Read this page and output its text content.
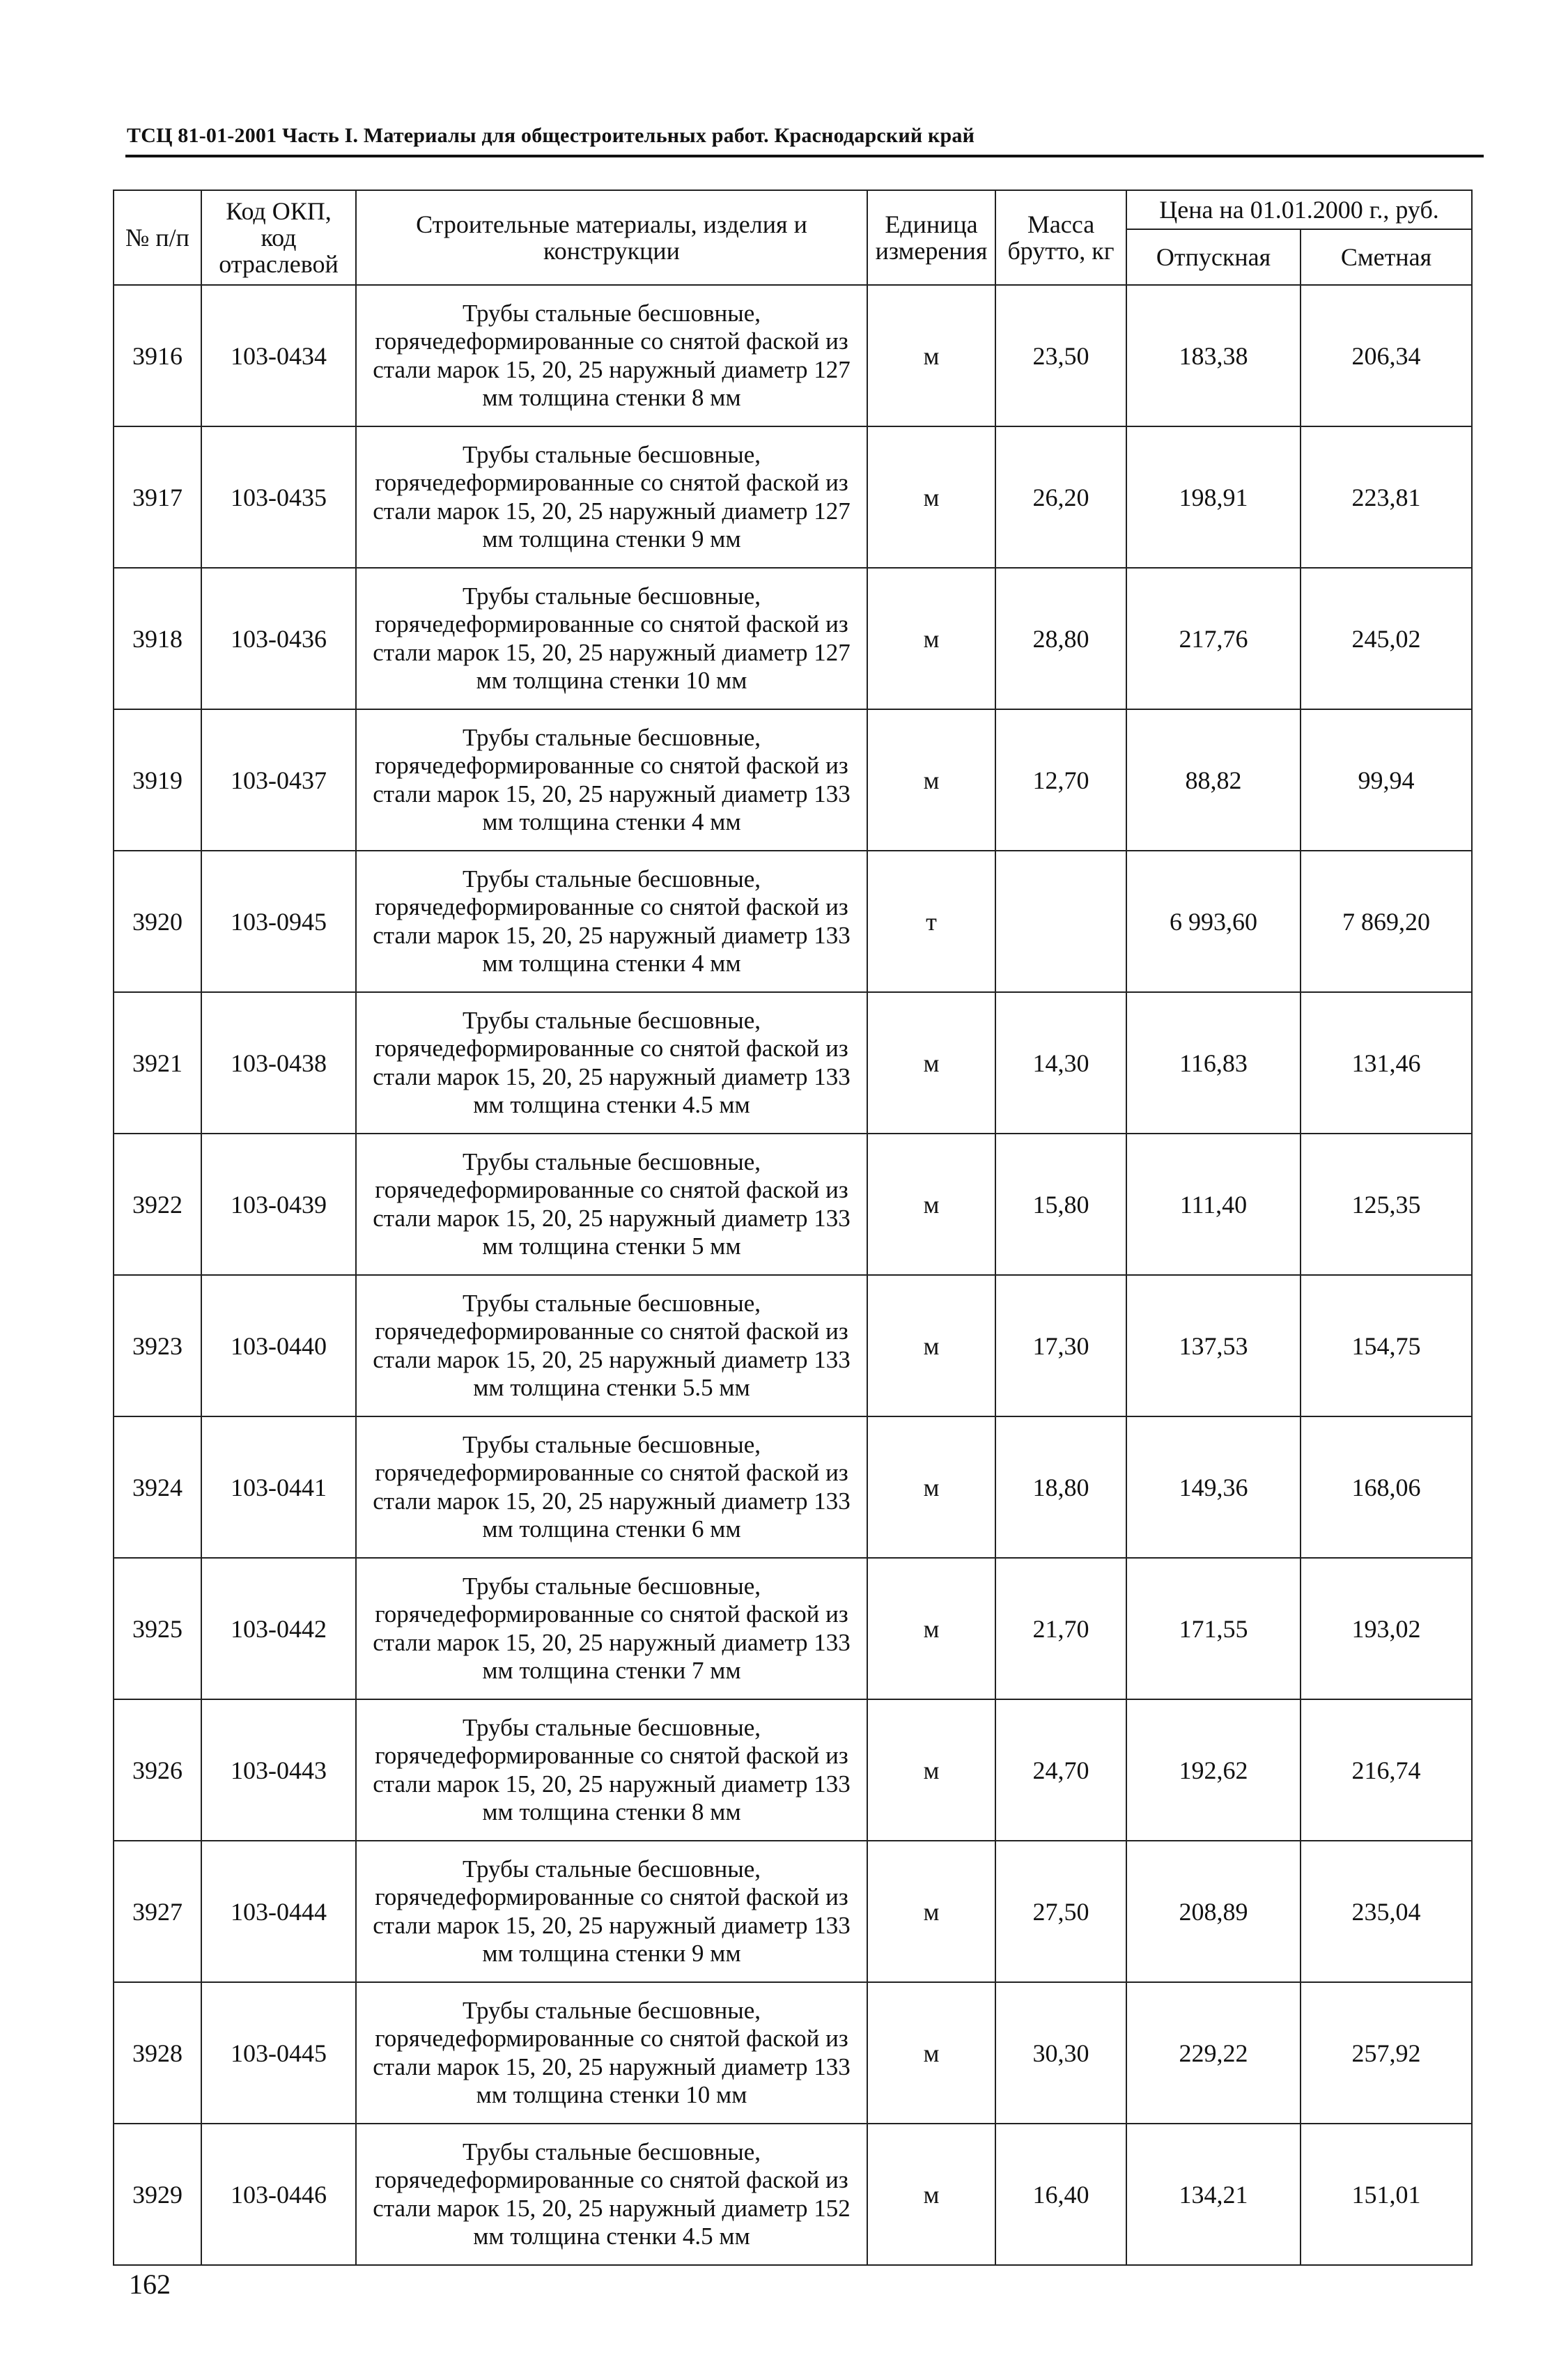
ТСЦ 81-01-2001 Часть I. Материалы для общестроительных работ. Краснодарский край
№ п/п	Код ОКП, код отраслевой	Строительные материалы, изделия и конструкции	Единица измерения	Масса брутто, кг	Цена на 01.01.2000 г., руб.	
					Отпускная	Сметная
3916	103-0434	Трубы стальные бесшовные, горячедеформированные со снятой фаской из стали марок 15, 20, 25 наружный диаметр 127 мм толщина стенки 8 мм	м	23,50	183,38	206,34
3917	103-0435	Трубы стальные бесшовные, горячедеформированные со снятой фаской из стали марок 15, 20, 25 наружный диаметр 127 мм толщина стенки 9 мм	м	26,20	198,91	223,81
3918	103-0436	Трубы стальные бесшовные, горячедеформированные со снятой фаской из стали марок 15, 20, 25 наружный диаметр 127 мм толщина стенки 10 мм	м	28,80	217,76	245,02
3919	103-0437	Трубы стальные бесшовные, горячедеформированные со снятой фаской из стали марок 15, 20, 25 наружный диаметр 133 мм толщина стенки 4 мм	м	12,70	88,82	99,94
3920	103-0945	Трубы стальные бесшовные, горячедеформированные со снятой фаской из стали марок 15, 20, 25 наружный диаметр 133 мм толщина стенки 4 мм	т		6 993,60	7 869,20
3921	103-0438	Трубы стальные бесшовные, горячедеформированные со снятой фаской из стали марок 15, 20, 25 наружный диаметр 133 мм толщина стенки 4.5 мм	м	14,30	116,83	131,46
3922	103-0439	Трубы стальные бесшовные, горячедеформированные со снятой фаской из стали марок 15, 20, 25 наружный диаметр 133 мм толщина стенки 5 мм	м	15,80	111,40	125,35
3923	103-0440	Трубы стальные бесшовные, горячедеформированные со снятой фаской из стали марок 15, 20, 25 наружный диаметр 133 мм толщина стенки 5.5 мм	м	17,30	137,53	154,75
3924	103-0441	Трубы стальные бесшовные, горячедеформированные со снятой фаской из стали марок 15, 20, 25 наружный диаметр 133 мм толщина стенки 6 мм	м	18,80	149,36	168,06
3925	103-0442	Трубы стальные бесшовные, горячедеформированные со снятой фаской из стали марок 15, 20, 25 наружный диаметр 133 мм толщина стенки 7 мм	м	21,70	171,55	193,02
3926	103-0443	Трубы стальные бесшовные, горячедеформированные со снятой фаской из стали марок 15, 20, 25 наружный диаметр 133 мм толщина стенки 8 мм	м	24,70	192,62	216,74
3927	103-0444	Трубы стальные бесшовные, горячедеформированные со снятой фаской из стали марок 15, 20, 25 наружный диаметр 133 мм толщина стенки 9 мм	м	27,50	208,89	235,04
3928	103-0445	Трубы стальные бесшовные, горячедеформированные со снятой фаской из стали марок 15, 20, 25 наружный диаметр 133 мм толщина стенки 10 мм	м	30,30	229,22	257,92
3929	103-0446	Трубы стальные бесшовные, горячедеформированные со снятой фаской из стали марок 15, 20, 25 наружный диаметр 152 мм толщина стенки 4.5 мм	м	16,40	134,21	151,01
162
